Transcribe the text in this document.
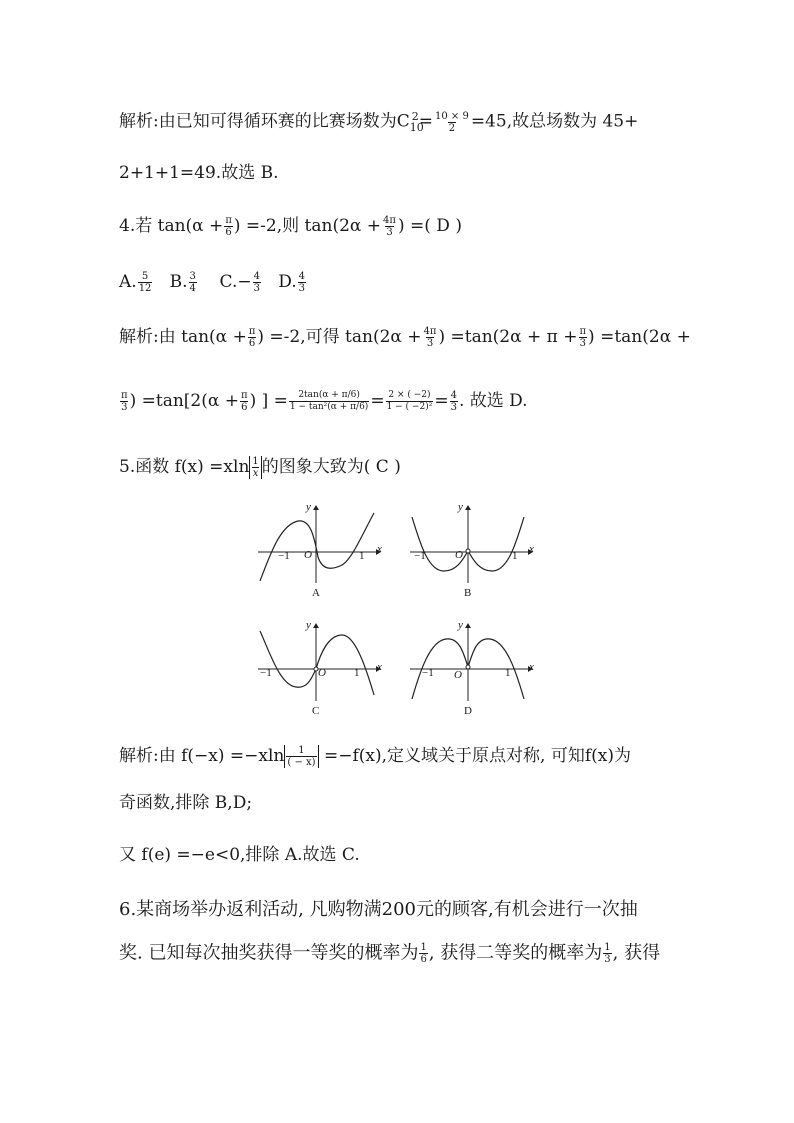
解析:由已知可得循环赛的比赛场数为$C_{10}^2= \frac{10 \times 9}{2} =45$,故总场数为 45+
2+1+1=49.故选 B.
4.若 $\tan(\alpha + \frac{\pi}{6}$ ) =-2,则 $\tan(2\alpha + \frac{4\pi}{3}$ ) =( D )
A. $\frac{5}{12} B$. $\frac{3}{4} C.- \frac{4}{3} D$. $\frac{4}{3}$
解析:由 $\tan(\alpha + \frac{\pi}{6}$ ) =-2,可得 $\tan(2\alpha + \frac{4\pi}{3}$ ) $=\tan(2\alpha + \pi + \frac{\pi}{3}$ ) =tan(2α +
$\frac{\pi}{3}$ ) $=\tan[2(\alpha + \frac{\pi}{6}$ ) ] = $\frac{2\tan(\alpha + \pi/6)}{\text{1 − tan²(α + π/6)}} = \frac{2 \times ( -2)}{\text{1 − ( −2)²}} = \frac{4}{3}$ . 故选 D.
5.函数 $f(x) =xln \frac{1}{x}$ 的图象大致为( C )
−1 O	1
x
y
A
−1	O	1
x
y
B
−1	O	1 x
y
C
−1 O	1 x
y
D
解析:由 $f(-x) =-xln \frac{1}{( - x)} =-f(x)$,定义域关于原点对称, 可知f(x)为
奇函数,排除 B,D;
又 f(e) =−e<0,排除 A.故选 C.
6.某商场举办返利活动, 凡购物满200元的顾客,有机会进行一次抽
奖. 已知每次抽奖获得一等奖的概率为 $\frac{1}{6}$ , 获得二等奖的概率为 $\frac{1}{3}$ , 获得
